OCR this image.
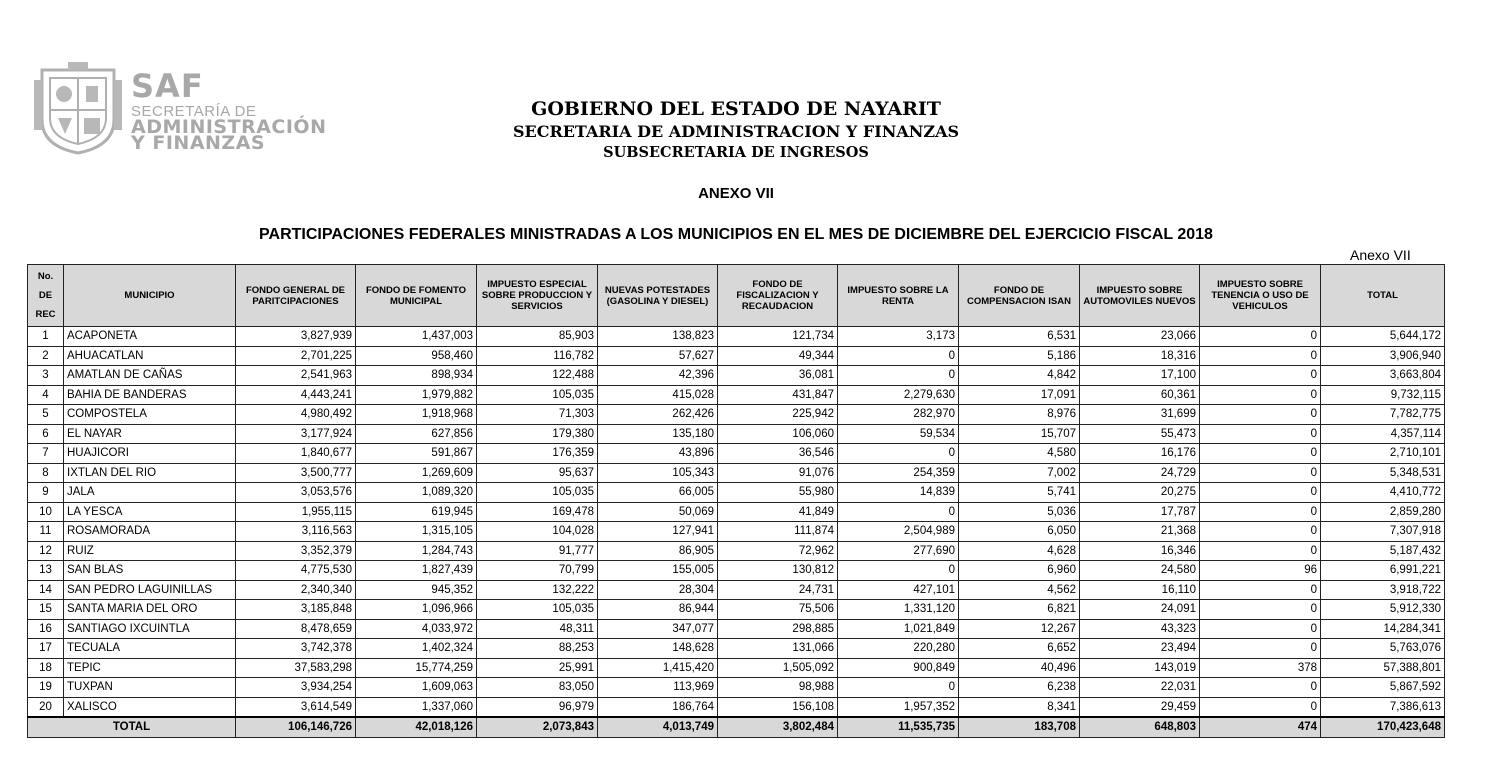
SAF
SECRETARÍA DE
ADMINISTRACIÓN
Y FINANZAS
GOBIERNO DEL ESTADO DE NAYARIT
SECRETARIA DE ADMINISTRACION Y FINANZAS
SUBSECRETARIA DE INGRESOS
ANEXO VII
PARTICIPACIONES FEDERALES MINISTRADAS A LOS MUNICIPIOS EN EL MES DE DICIEMBRE DEL EJERCICIO FISCAL 2018
Anexo VII
No.
DE
REC	MUNICIPIO	FONDO GENERAL DE PARITCIPACIONES	FONDO DE FOMENTO MUNICIPAL	IMPUESTO ESPECIAL SOBRE PRODUCCION Y SERVICIOS	NUEVAS POTESTADES (GASOLINA Y DIESEL)	FONDO DE FISCALIZACION Y RECAUDACION	IMPUESTO SOBRE LA RENTA	FONDO DE COMPENSACION ISAN	IMPUESTO SOBRE AUTOMOVILES NUEVOS	IMPUESTO SOBRE TENENCIA O USO DE VEHICULOS	TOTAL
1	ACAPONETA	3,827,939	1,437,003	85,903	138,823	121,734	3,173	6,531	23,066	0	5,644,172
2	AHUACATLAN	2,701,225	958,460	116,782	57,627	49,344	0	5,186	18,316	0	3,906,940
3	AMATLAN DE CAÑAS	2,541,963	898,934	122,488	42,396	36,081	0	4,842	17,100	0	3,663,804
4	BAHIA DE BANDERAS	4,443,241	1,979,882	105,035	415,028	431,847	2,279,630	17,091	60,361	0	9,732,115
5	COMPOSTELA	4,980,492	1,918,968	71,303	262,426	225,942	282,970	8,976	31,699	0	7,782,775
6	EL NAYAR	3,177,924	627,856	179,380	135,180	106,060	59,534	15,707	55,473	0	4,357,114
7	HUAJICORI	1,840,677	591,867	176,359	43,896	36,546	0	4,580	16,176	0	2,710,101
8	IXTLAN DEL RIO	3,500,777	1,269,609	95,637	105,343	91,076	254,359	7,002	24,729	0	5,348,531
9	JALA	3,053,576	1,089,320	105,035	66,005	55,980	14,839	5,741	20,275	0	4,410,772
10	LA YESCA	1,955,115	619,945	169,478	50,069	41,849	0	5,036	17,787	0	2,859,280
11	ROSAMORADA	3,116,563	1,315,105	104,028	127,941	111,874	2,504,989	6,050	21,368	0	7,307,918
12	RUIZ	3,352,379	1,284,743	91,777	86,905	72,962	277,690	4,628	16,346	0	5,187,432
13	SAN BLAS	4,775,530	1,827,439	70,799	155,005	130,812	0	6,960	24,580	96	6,991,221
14	SAN PEDRO LAGUINILLAS	2,340,340	945,352	132,222	28,304	24,731	427,101	4,562	16,110	0	3,918,722
15	SANTA MARIA DEL ORO	3,185,848	1,096,966	105,035	86,944	75,506	1,331,120	6,821	24,091	0	5,912,330
16	SANTIAGO IXCUINTLA	8,478,659	4,033,972	48,311	347,077	298,885	1,021,849	12,267	43,323	0	14,284,341
17	TECUALA	3,742,378	1,402,324	88,253	148,628	131,066	220,280	6,652	23,494	0	5,763,076
18	TEPIC	37,583,298	15,774,259	25,991	1,415,420	1,505,092	900,849	40,496	143,019	378	57,388,801
19	TUXPAN	3,934,254	1,609,063	83,050	113,969	98,988	0	6,238	22,031	0	5,867,592
20	XALISCO	3,614,549	1,337,060	96,979	186,764	156,108	1,957,352	8,341	29,459	0	7,386,613
TOTAL		106,146,726	42,018,126	2,073,843	4,013,749	3,802,484	11,535,735	183,708	648,803	474	170,423,648
